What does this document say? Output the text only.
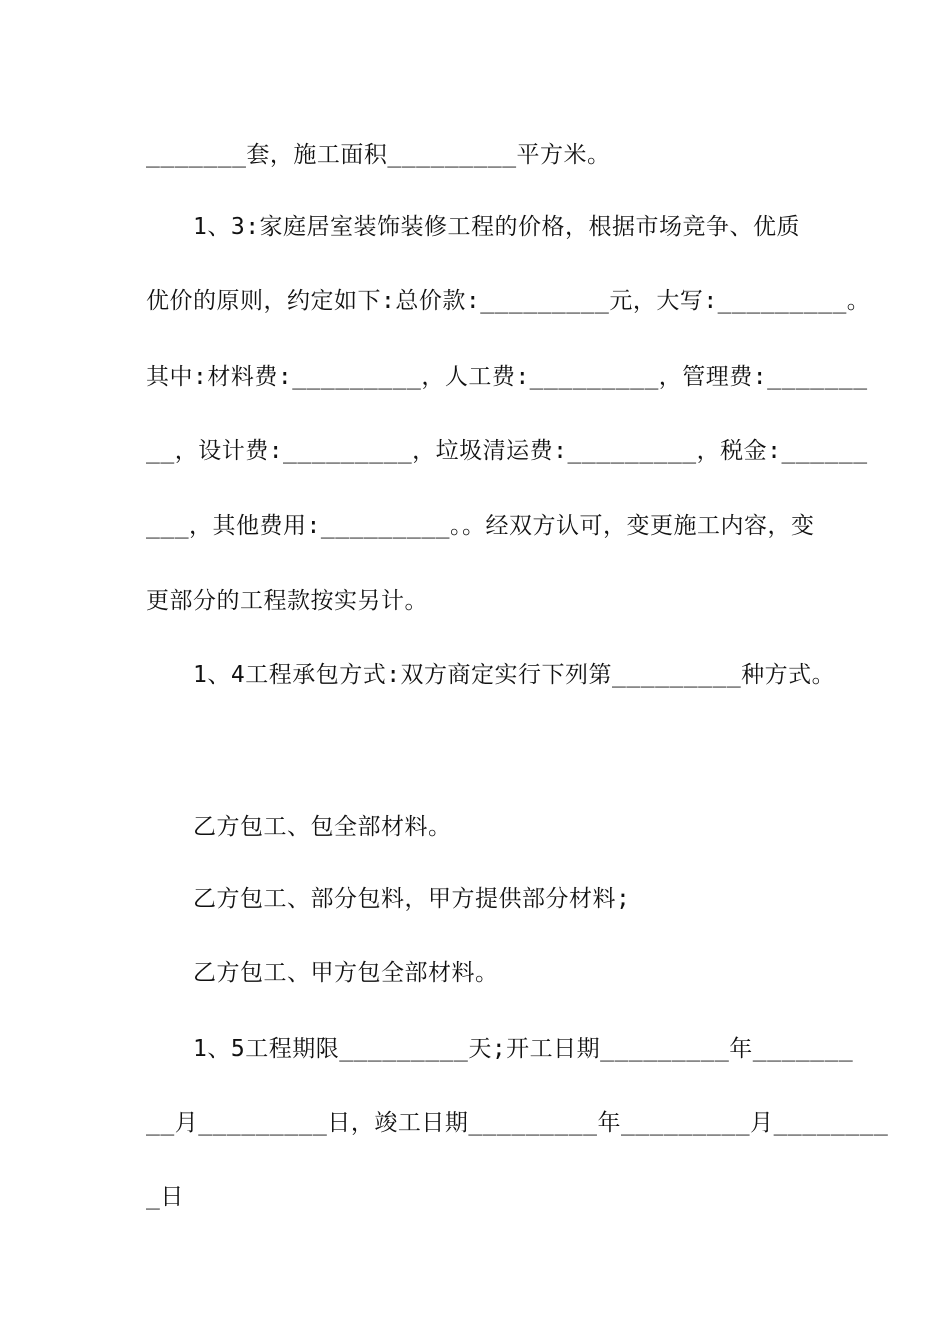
_______套，施工面积_________平方米。
1、3:家庭居室装饰装修工程的价格，根据市场竞争、优质
优价的原则，约定如下:总价款:_________元，大写:_________。
其中:材料费:_________，人工费:_________，管理费:_______
__，设计费:_________，垃圾清运费:_________，税金:______
___，其他费用:_________。。经双方认可，变更施工内容，变
更部分的工程款按实另计。
1、4工程承包方式:双方商定实行下列第_________种方式。
乙方包工、包全部材料。
乙方包工、部分包料，甲方提供部分材料;
乙方包工、甲方包全部材料。
1、5工程期限_________天;开工日期_________年_______
__月_________日，竣工日期_________年_________月________
_日
